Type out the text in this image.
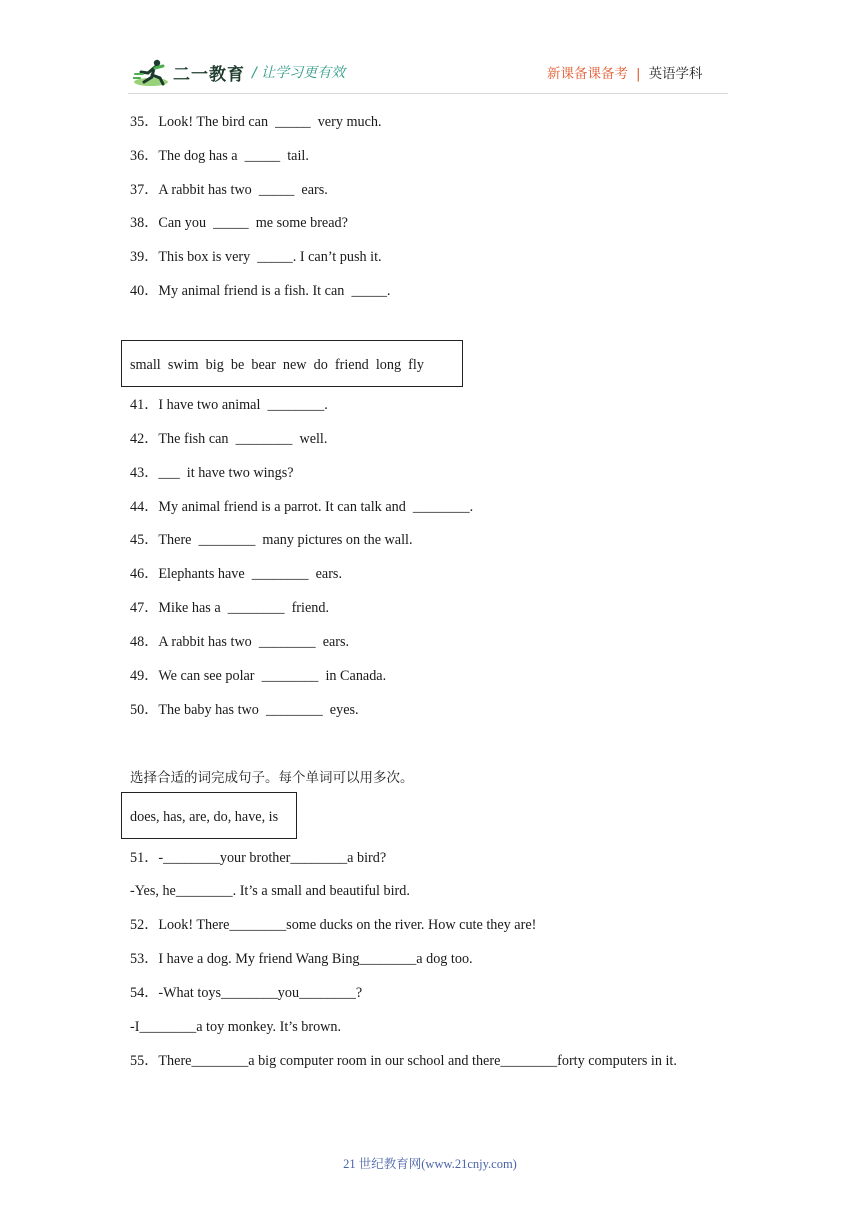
二一教育 / 让学习更有效	新课备课备考 | 英语学科
35．Look! The bird can  _____  very much.
36．The dog has a  _____  tail.
37．A rabbit has two  _____  ears.
38．Can you  _____  me some bread?
39．This box is very  _____. I can’t push it.
40．My animal friend is a fish. It can  _____.
small  swim  big  be  bear  new  do  friend  long  fly
41．I have two animal  ________.
42．The fish can  ________  well.
43．___  it have two wings?
44．My animal friend is a parrot. It can talk and  ________.
45．There  ________  many pictures on the wall.
46．Elephants have  ________  ears.
47．Mike has a  ________  friend.
48．A rabbit has two  ________  ears.
49．We can see polar  ________  in Canada.
50．The baby has two  ________  eyes.
选择合适的词完成句子。每个单词可以用多次。
does, has, are, do, have, is
51．-________your brother________a bird?
-Yes, he________. It’s a small and beautiful bird.
52．Look! There________some ducks on the river. How cute they are!
53．I have a dog. My friend Wang Bing________a dog too.
54．-What toys________you________?
-I________a toy monkey. It’s brown.
55．There________a big computer room in our school and there________forty computers in it.
21 世纪教育网(www.21cnjy.com)
